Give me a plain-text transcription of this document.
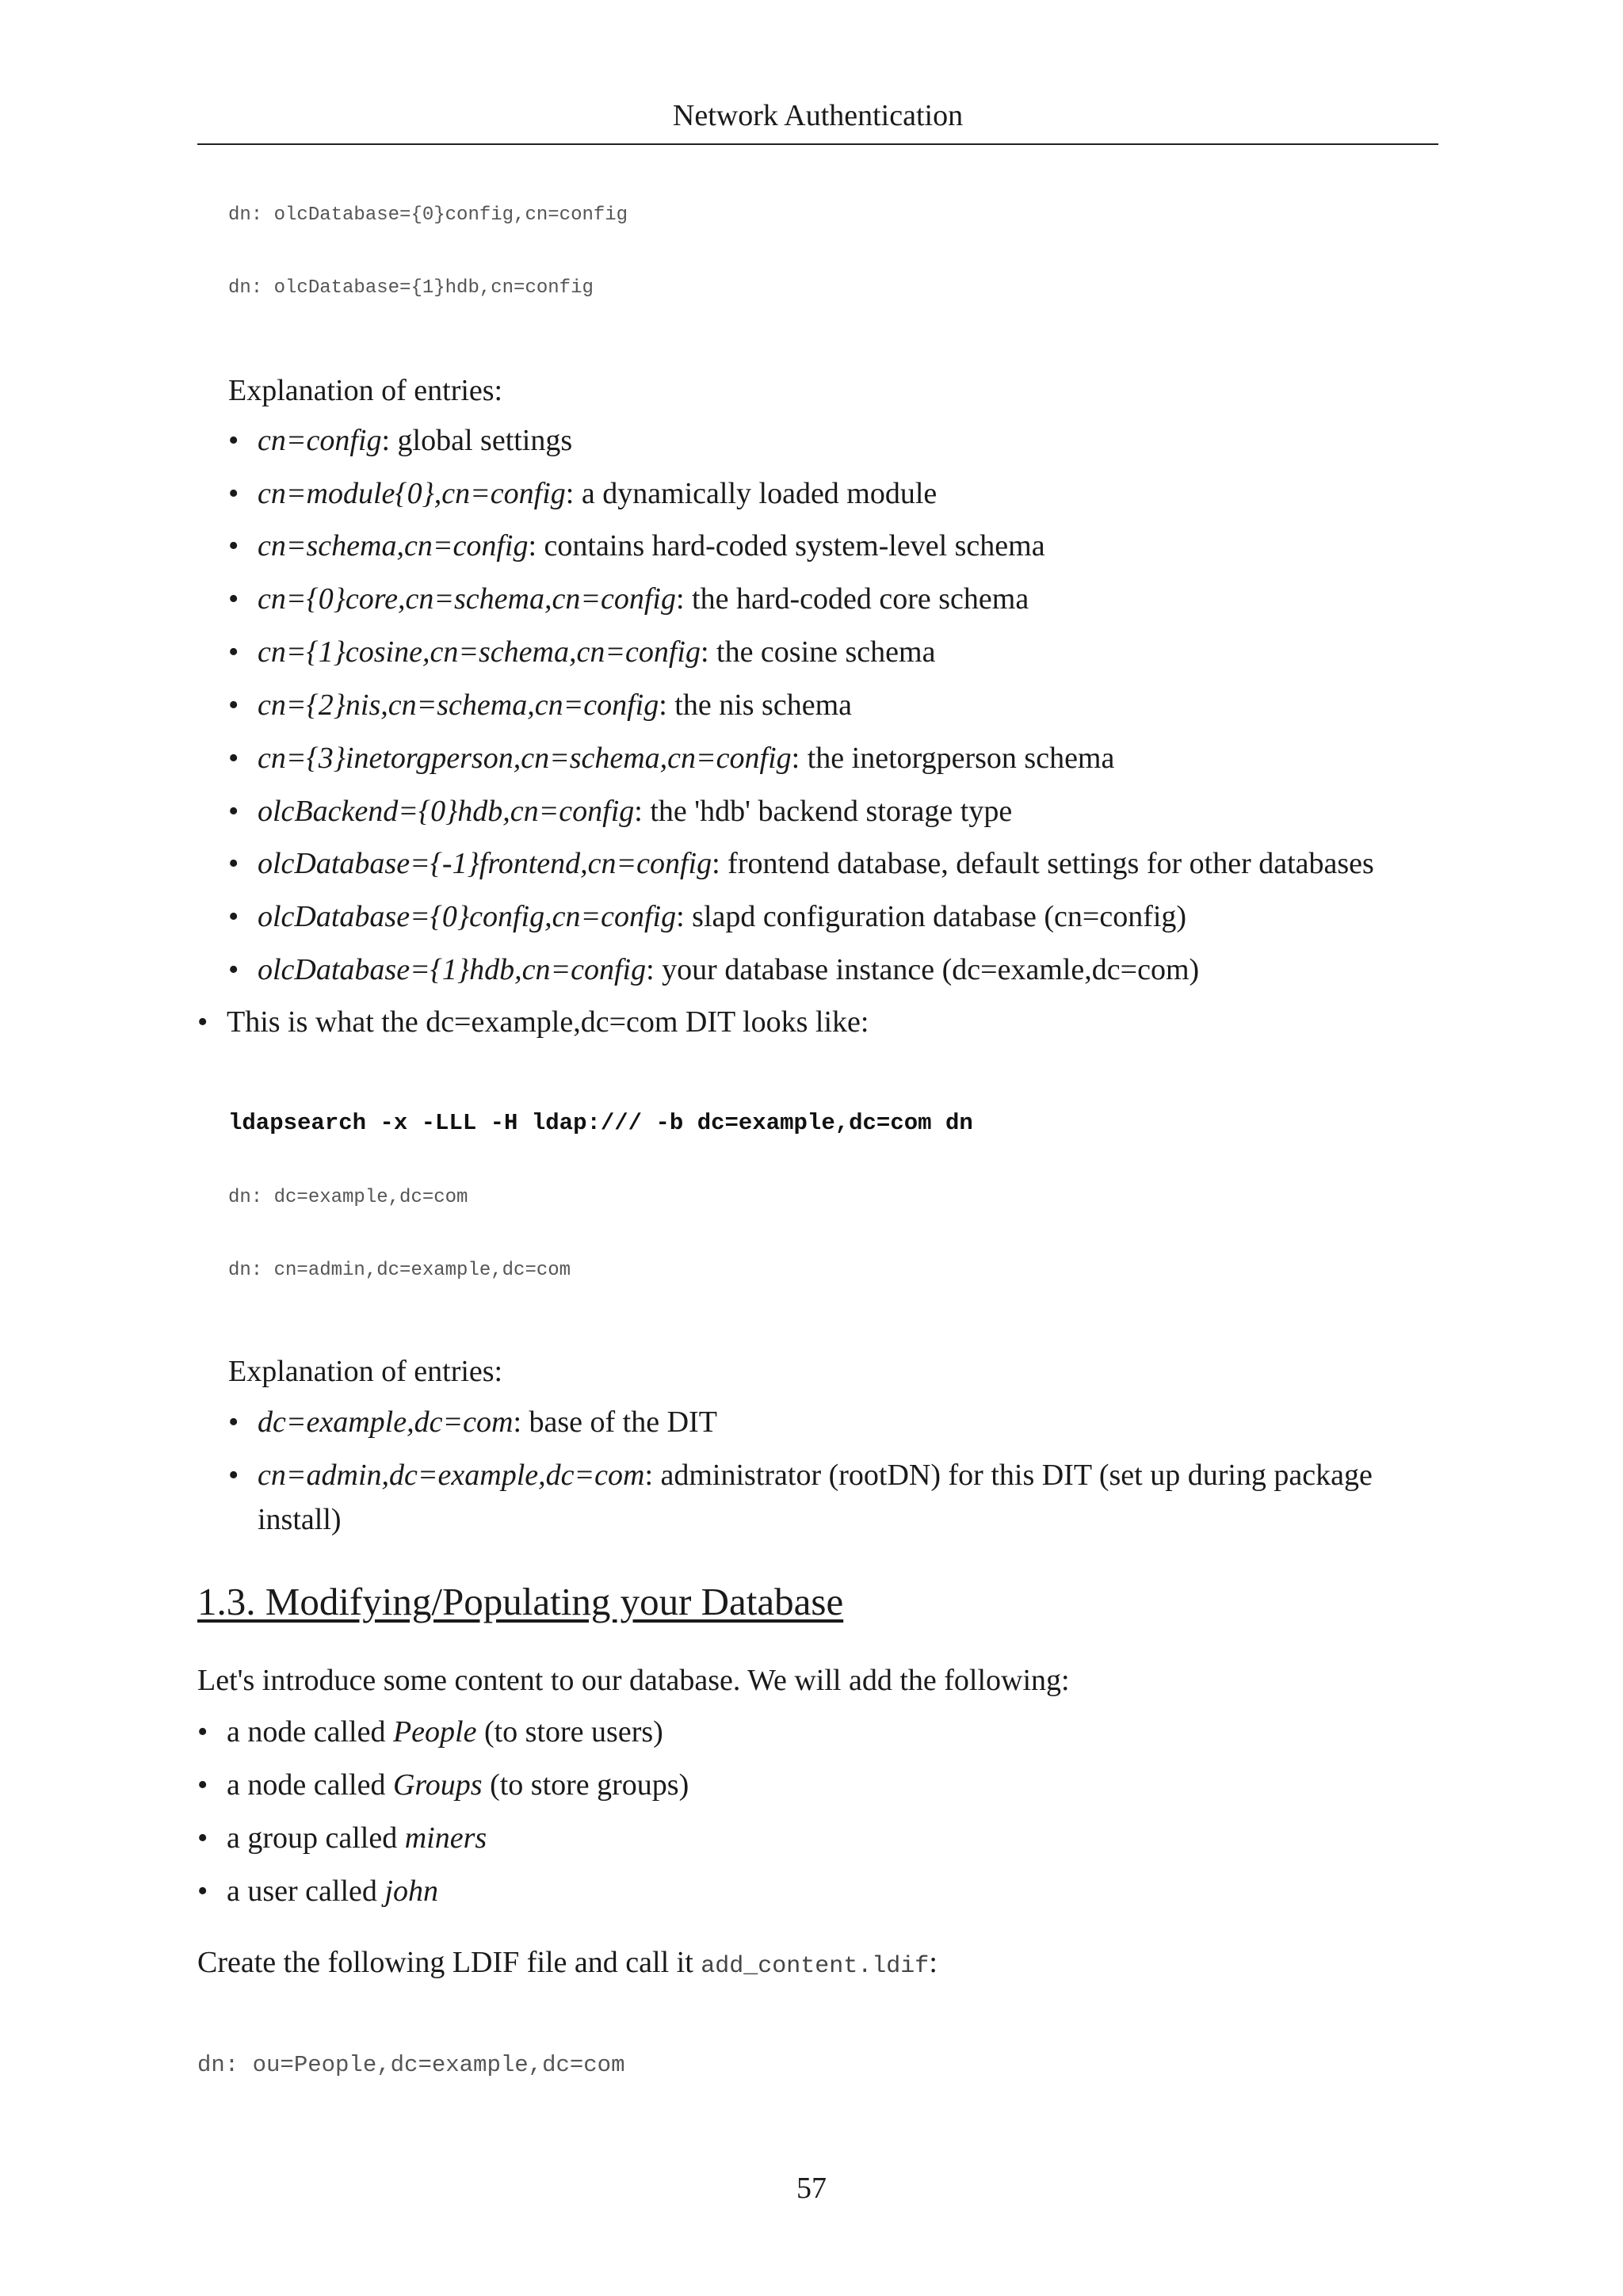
Network Authentication
dn: olcDatabase={0}config,cn=config
dn: olcDatabase={1}hdb,cn=config
Explanation of entries:
• cn=config: global settings
• cn=module{0},cn=config: a dynamically loaded module
• cn=schema,cn=config: contains hard-coded system-level schema
• cn={0}core,cn=schema,cn=config: the hard-coded core schema
• cn={1}cosine,cn=schema,cn=config: the cosine schema
• cn={2}nis,cn=schema,cn=config: the nis schema
• cn={3}inetorgperson,cn=schema,cn=config: the inetorgperson schema
• olcBackend={0}hdb,cn=config: the 'hdb' backend storage type
• olcDatabase={-1}frontend,cn=config: frontend database, default settings for other databases
• olcDatabase={0}config,cn=config: slapd configuration database (cn=config)
• olcDatabase={1}hdb,cn=config: your database instance (dc=examle,dc=com)
• This is what the dc=example,dc=com DIT looks like:
ldapsearch -x -LLL -H ldap:/// -b dc=example,dc=com dn
dn: dc=example,dc=com
dn: cn=admin,dc=example,dc=com
Explanation of entries:
• dc=example,dc=com: base of the DIT
• cn=admin,dc=example,dc=com: administrator (rootDN) for this DIT (set up during package install)
1.3. Modifying/Populating your Database
Let's introduce some content to our database. We will add the following:
• a node called People (to store users)
• a node called Groups (to store groups)
• a group called miners
• a user called john
Create the following LDIF file and call it add_content.ldif:
dn: ou=People,dc=example,dc=com
57
